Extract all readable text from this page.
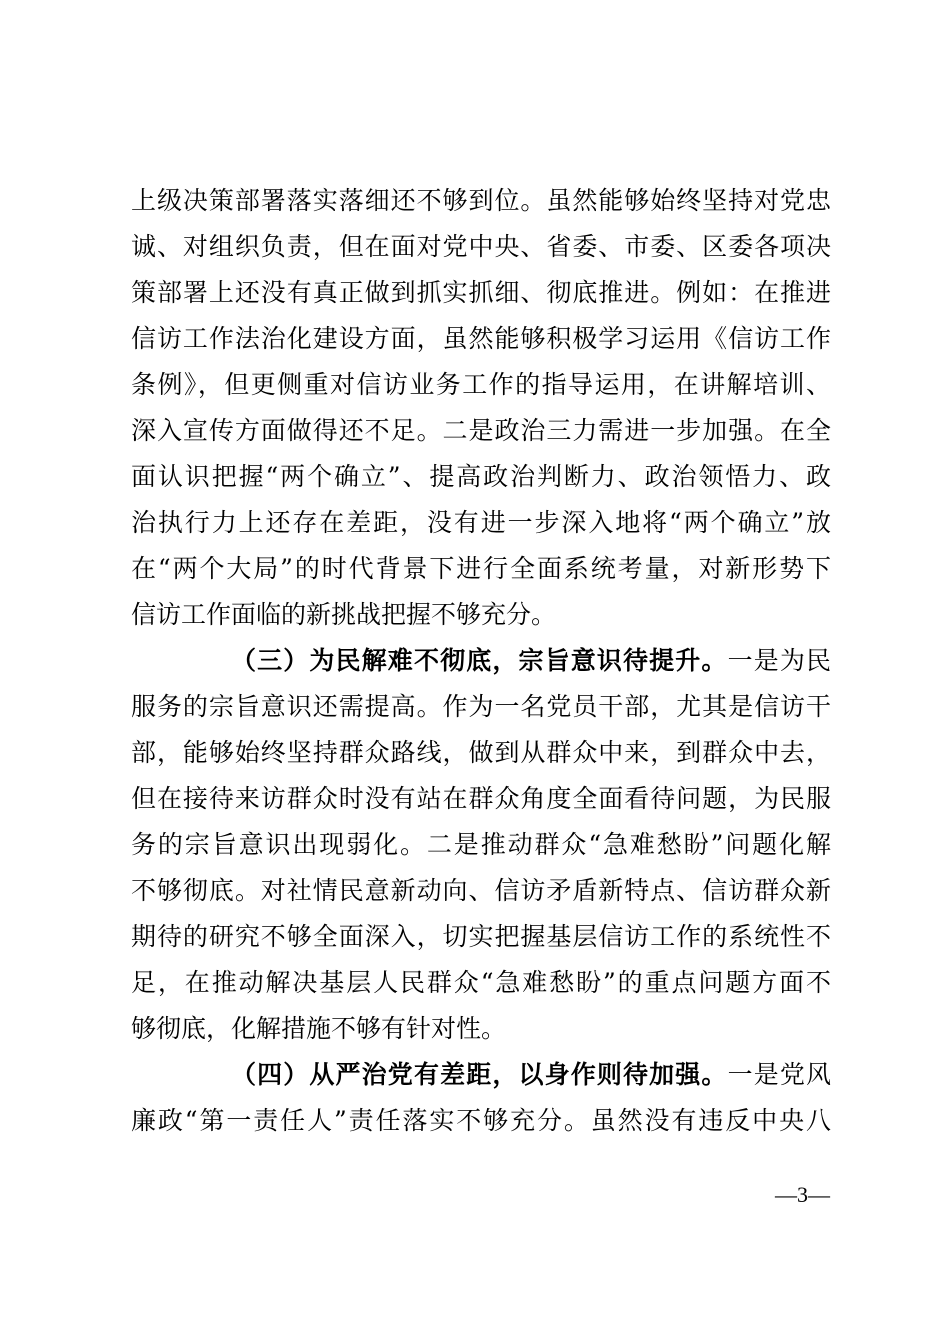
上级决策部署落实落细还不够到位。虽然能够始终坚持对党忠
诚、对组织负责，但在面对党中央、省委、市委、区委各项决
策部署上还没有真正做到抓实抓细、彻底推进。例如：在推进
信访工作法治化建设方面，虽然能够积极学习运用《信访工作
条例》，但更侧重对信访业务工作的指导运用，在讲解培训、
深入宣传方面做得还不足。二是政治三力需进一步加强。在全
面认识把握“两个确立”、提高政治判断力、政治领悟力、政
治执行力上还存在差距，没有进一步深入地将“两个确立”放
在“两个大局”的时代背景下进行全面系统考量，对新形势下
信访工作面临的新挑战把握不够充分。
（三）为民解难不彻底，宗旨意识待提升。一是为民
服务的宗旨意识还需提高。作为一名党员干部，尤其是信访干
部，能够始终坚持群众路线，做到从群众中来，到群众中去，
但在接待来访群众时没有站在群众角度全面看待问题，为民服
务的宗旨意识出现弱化。二是推动群众“急难愁盼”问题化解
不够彻底。对社情民意新动向、信访矛盾新特点、信访群众新
期待的研究不够全面深入，切实把握基层信访工作的系统性不
足，在推动解决基层人民群众“急难愁盼”的重点问题方面不
够彻底，化解措施不够有针对性。
（四）从严治党有差距，以身作则待加强。一是党风
廉政“第一责任人”责任落实不够充分。虽然没有违反中央八
—3—
